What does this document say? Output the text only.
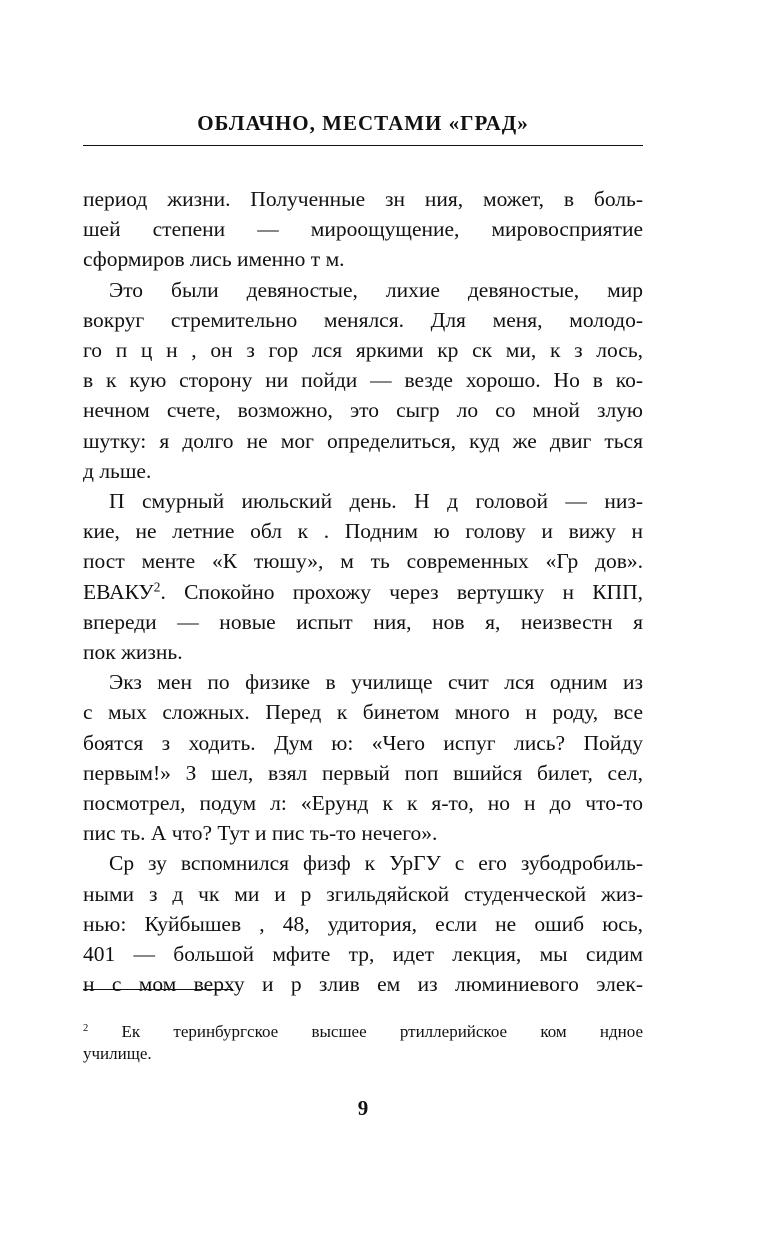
ОБЛАЧНО, МЕСТАМИ «ГРАД»

период жизни. Полученные зн ния, может, в боль-
шей степени — мироощущение, мировосприятие
сформиров лись именно т м.

Это были девяностые, лихие девяностые, мир
вокруг стремительно менялся. Для меня, молодо-
го п ц н , он з гор лся яркими кр ск ми, к з лось,
в к кую сторону ни пойди — везде хорошо. Но в ко-
нечном счете, возможно, это сыгр ло со мной злую
шутку: я долго не мог определиться, куд же двиг ться
д льше.

П смурный июльский день. Н д головой — низ-
кие, не летние обл к . Подним ю голову и вижу н
пост менте «К тюшу», м ть современных «Гр дов».
ЕВАКУ$^2$. Спокойно прохожу через вертушку н КПП,
впереди — новые испыт ния, нов я, неизвестн я
пок жизнь.

Экз мен по физике в училище счит лся одним из
с мых сложных. Перед к бинетом много н роду, все
боятся з ходить. Дум ю: «Чего испуг лись? Пойду
первым!» З шел, взял первый поп вшийся билет, сел,
посмотрел, подум л: «Ерунд к к я-то, но н до что-то
пис ть. А что? Тут и пис ть-то нечего».

Ср зу вспомнился физф к УрГУ с его зубодробиль-
ными з д чк ми и р згильдяйской студенческой жиз-
нью: Куйбышев , 48, удитория, если не ошиб юсь,
401 — большой мфите тр, идет лекция, мы сидим
н с мом верху и р злив ем из люминиевого элек-

$^2$ Ек теринбургское высшее ртиллерийское ком ндное
училище.
9
